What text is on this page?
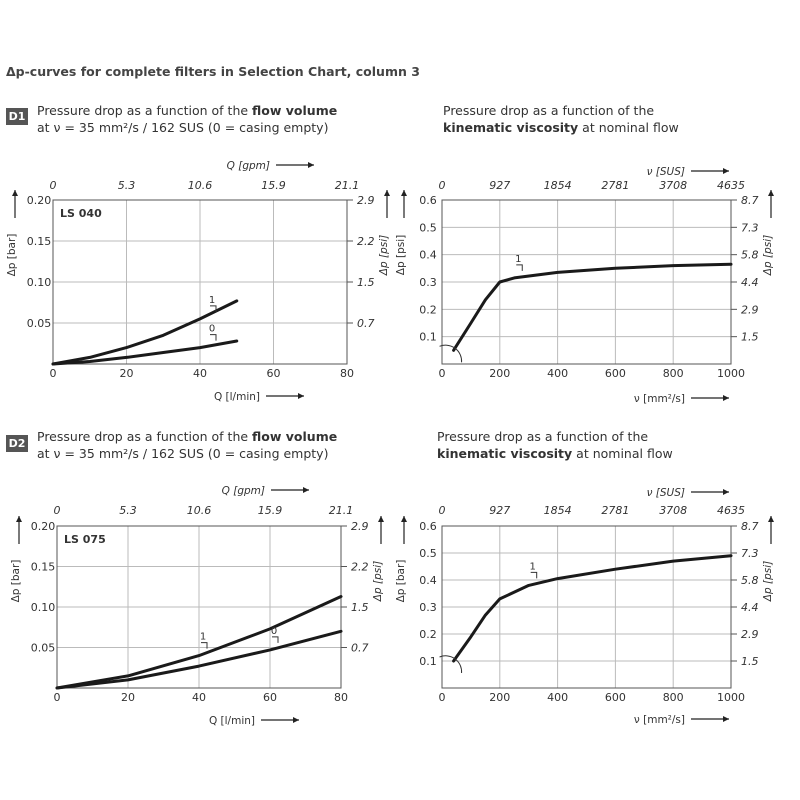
Δp-curves for complete filters in Selection Chart, column 3
D1 Pressure drop as a function of the flow volume
at ν = 35 mm²/s / 162 SUS (0 = casing empty)
Pressure drop as a function of the
kinematic viscosity at nominal flow
D2 Pressure drop as a function of the flow volume
at ν = 35 mm²/s / 162 SUS (0 = casing empty)
Pressure drop as a function of the
kinematic viscosity at nominal flow
0	20	40	60	80
0	5.3	10.6	15.9	21.1
0.20
0.15
0.10
0.05
2.9
2.2
1.5
0.7
Δp [bar]	Δp [psi]
Q [gpm]
Q [l/min]
LS 040
1
0
0	200	400	600	800	1000
0	927	1854	2781	3708	4635
0.6
0.5
0.4
0.3
0.2
0.1
8.7
7.3
5.8
4.4
2.9
1.5
Δp [psi]	Δp [psi]
ν [SUS]
ν [mm²/s]
1
0	20	40	60	80
0	5.3	10.6	15.9	21.1
0.20
0.15
0.10
0.05
2.9
2.2
1.5
0.7
Δp [bar]	Δp [psi]
Q [gpm]
Q [l/min]
LS 075
1
0
0	200	400	600	800	1000
0	927	1854	2781	3708	4635
0.6
0.5
0.4
0.3
0.2
0.1
8.7
7.3
5.8
4.4
2.9
1.5
Δp [bar]	Δp [psi]
ν [SUS]
ν [mm²/s]
1
